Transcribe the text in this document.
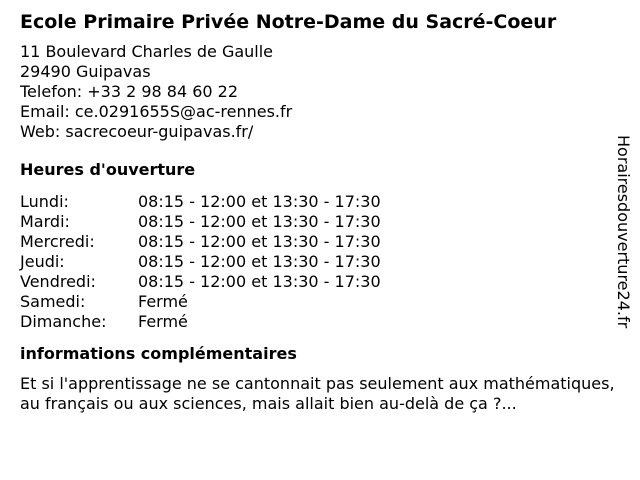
Ecole Primaire Privée Notre-Dame du Sacré-Coeur
11 Boulevard Charles de Gaulle
29490 Guipavas
Telefon: +33 2 98 84 60 22
Email: ce.0291655S@ac-rennes.fr
Web: sacrecoeur-guipavas.fr/
Heures d'ouverture
Lundi:	08:15 - 12:00 et 13:30 - 17:30
Mardi:	08:15 - 12:00 et 13:30 - 17:30
Mercredi:	08:15 - 12:00 et 13:30 - 17:30
Jeudi:	08:15 - 12:00 et 13:30 - 17:30
Vendredi:	08:15 - 12:00 et 13:30 - 17:30
Samedi:	Fermé
Dimanche:	Fermé
informations complémentaires
Et si l'apprentissage ne se cantonnait pas seulement aux mathématiques, au français ou aux sciences, mais allait bien au-delà de ça ?...
Horairesdouverture24.fr
